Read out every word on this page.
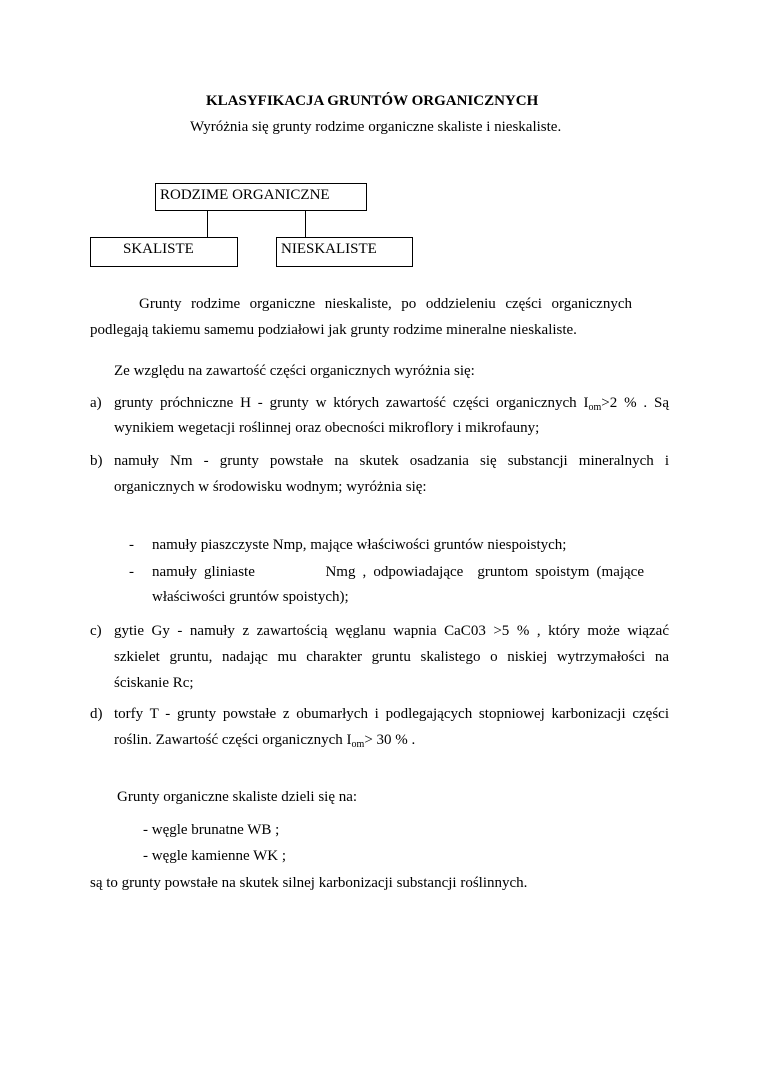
KLASYFIKACJA GRUNTÓW ORGANICZNYCH
Wyróżnia się grunty rodzime organiczne skaliste i nieskaliste.
RODZIME ORGANICZNE
SKALISTE	NIESKALISTE
Grunty rodzime organiczne nieskaliste, po oddzieleniu części organicznych
podlegają takiemu samemu podziałowi jak grunty rodzime mineralne nieskaliste.
Ze względu na zawartość części organicznych wyróżnia się:
a) grunty próchniczne H - grunty w których zawartość części organicznych $I_{om}>2$ % . Są
wynikiem wegetacji roślinnej oraz obecności mikroflory i mikrofauny;
b) namuły Nm - grunty powstałe na skutek osadzania się substancji mineralnych i
organicznych w środowisku wodnym; wyróżnia się:
- namuły piaszczyste Nmp, mające właściwości gruntów niespoistych;
- namuły gliniaste          Nmg , odpowiadające  gruntom spoistym (mające
właściwości gruntów spoistych);
c) gytie Gy - namuły z zawartością węglanu wapnia CaC03 >5 % , który może wiązać
szkielet gruntu, nadając mu charakter gruntu skalistego o niskiej wytrzymałości na
ściskanie Rc;
d) torfy T - grunty powstałe z obumarłych i podlegających stopniowej karbonizacji części
roślin. Zawartość części organicznych $I_{om}> 30$ % .
Grunty organiczne skaliste dzieli się na:
- węgle brunatne WB ;
- węgle kamienne WK ;
są to grunty powstałe na skutek silnej karbonizacji substancji roślinnych.
